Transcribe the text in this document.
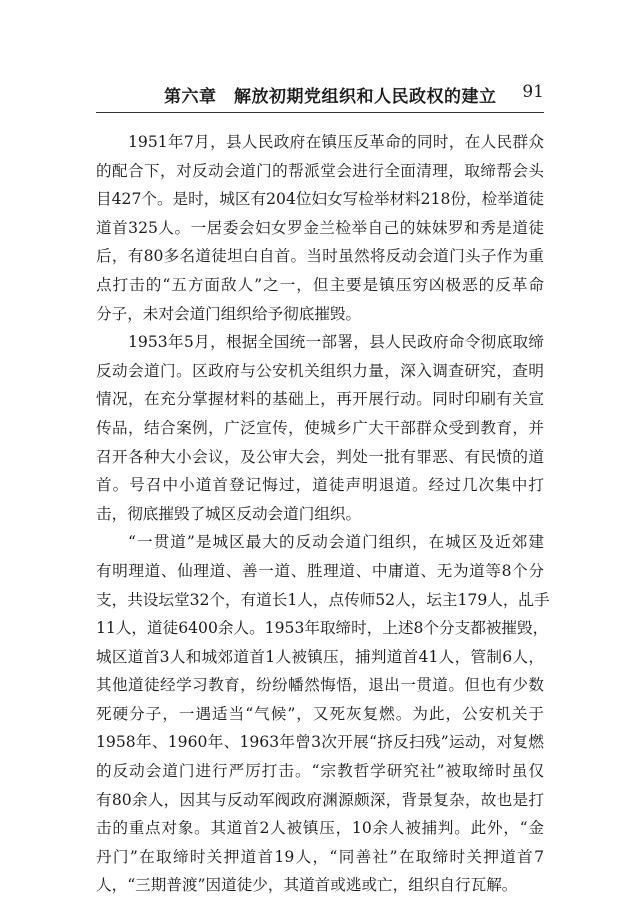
第六章　解放初期党组织和人民政权的建立 91
1951年7月，县人民政府在镇压反革命的同时，在人民群众
的配合下，对反动会道门的帮派堂会进行全面清理，取缔帮会头
目427个。是时，城区有204位妇女写检举材料218份，检举道徒
道首325人。一居委会妇女罗金兰检举自己的妹妹罗和秀是道徒
后，有80多名道徒坦白自首。当时虽然将反动会道门头子作为重
点打击的“五方面敌人”之一，但主要是镇压穷凶极恶的反革命
分子，未对会道门组织给予彻底摧毁。
1953年5月，根据全国统一部署，县人民政府命令彻底取缔
反动会道门。区政府与公安机关组织力量，深入调查研究，查明
情况，在充分掌握材料的基础上，再开展行动。同时印刷有关宣
传品，结合案例，广泛宣传，使城乡广大干部群众受到教育，并
召开各种大小会议，及公审大会，判处一批有罪恶、有民愤的道
首。号召中小道首登记悔过，道徒声明退道。经过几次集中打
击，彻底摧毁了城区反动会道门组织。
“一贯道”是城区最大的反动会道门组织，在城区及近郊建
有明理道、仙理道、善一道、胜理道、中庸道、无为道等8个分
支，共设坛堂32个，有道长1人，点传师52人，坛主179人，乩手
11人，道徒6400余人。1953年取缔时，上述8个分支都被摧毁，
城区道首3人和城郊道首1人被镇压，捕判道首41人，管制6人，
其他道徒经学习教育，纷纷幡然悔悟，退出一贯道。但也有少数
死硬分子，一遇适当“气候”，又死灰复燃。为此，公安机关于
1958年、1960年、1963年曾3次开展“挤反扫残”运动，对复燃
的反动会道门进行严厉打击。“宗教哲学研究社”被取缔时虽仅
有80余人，因其与反动军阀政府渊源颇深，背景复杂，故也是打
击的重点对象。其道首2人被镇压，10余人被捕判。此外，“金
丹门”在取缔时关押道首19人，“同善社”在取缔时关押道首7
人，“三期普渡”因道徒少，其道首或逃或亡，组织自行瓦解。
